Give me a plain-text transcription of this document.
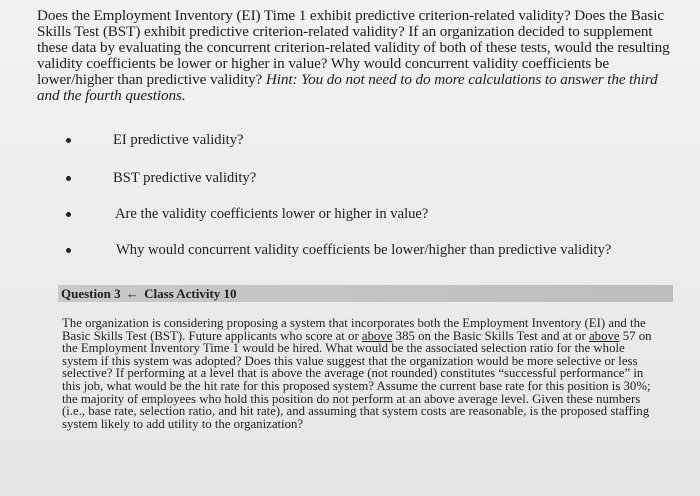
Does the Employment Inventory (EI) Time 1 exhibit predictive criterion-related validity? Does the Basic Skills Test (BST) exhibit predictive criterion-related validity? If an organization decided to supplement these data by evaluating the concurrent criterion-related validity of both of these tests, would the resulting validity coefficients be lower or higher in value? Why would concurrent validity coefficients be lower/higher than predictive validity? Hint: You do not need to do more calculations to answer the third and the fourth questions.

EI predictive validity?
BST predictive validity?
Are the validity coefficients lower or higher in value?
Why would concurrent validity coefficients be lower/higher than predictive validity?
Question 3 ← Class Activity 10

The organization is considering proposing a system that incorporates both the Employment Inventory (EI) and the Basic Skills Test (BST). Future applicants who score at or above 385 on the Basic Skills Test and at or above 57 on the Employment Inventory Time 1 would be hired. What would be the associated selection ratio for the whole system if this system was adopted? Does this value suggest that the organization would be more selective or less selective? If performing at a level that is above the average (not rounded) constitutes “successful performance” in this job, what would be the hit rate for this proposed system? Assume the current base rate for this position is 30%; the majority of employees who hold this position do not perform at an above average level. Given these numbers (i.e., base rate, selection ratio, and hit rate), and assuming that system costs are reasonable, is the proposed staffing system likely to add utility to the organization?
